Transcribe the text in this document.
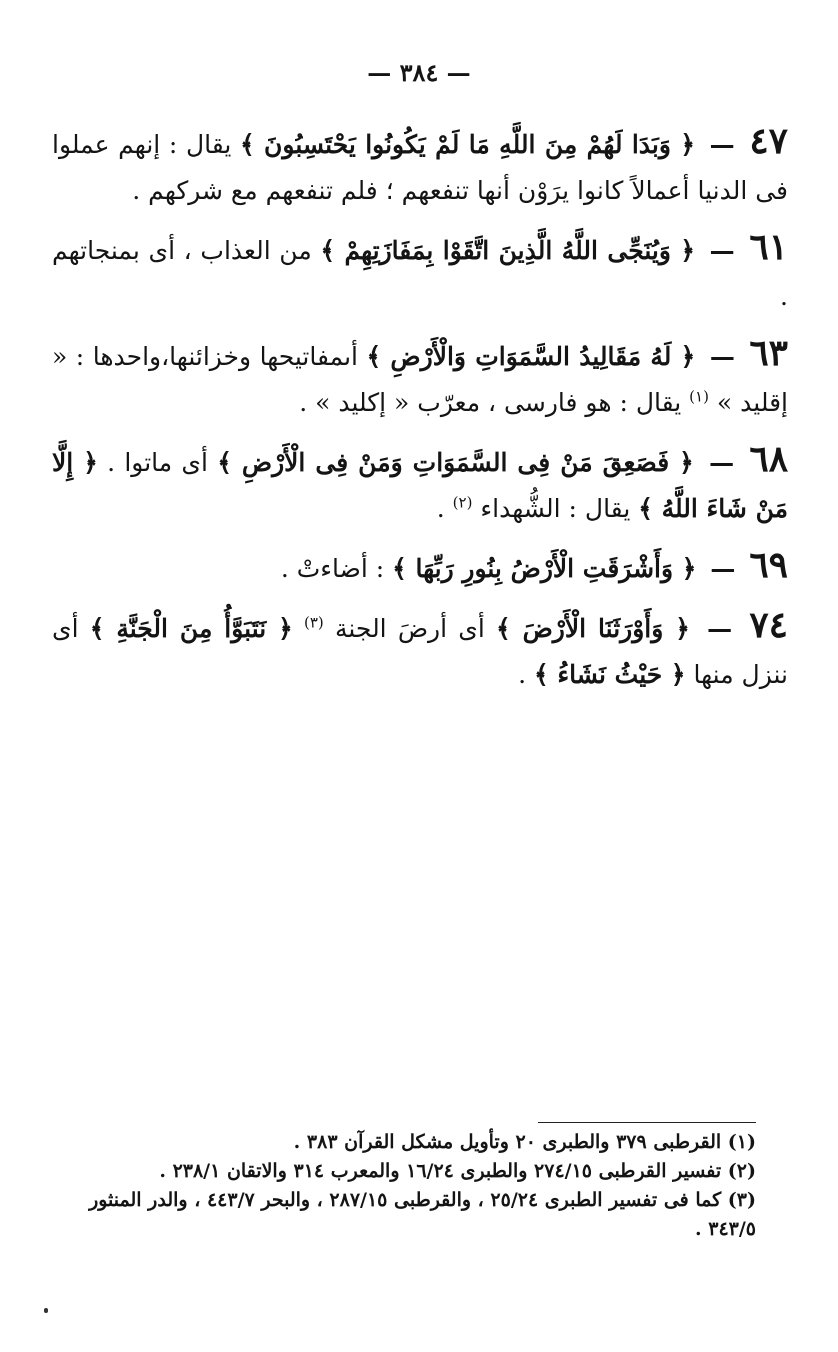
— ٣٨٤ —

٤٧ — ﴿ وَبَدَا لَهُمْ مِنَ اللَّهِ مَا لَمْ يَكُونُوا يَحْتَسِبُونَ ﴾ يقال : إنهم عملوا فى الدنيا أعمالاً كانوا يرَوْن أنها تنفعهم ؛ فلم تنفعهم مع شركهم .

٦١ — ﴿ وَيُنَجِّى اللَّهُ الَّذِينَ اتَّقَوْا بِمَفَازَتِهِمْ ﴾ من العذاب ، أى بمنجاتهم .

٦٣ — ﴿ لَهُ مَقَالِيدُ السَّمَوَاتِ وَالْأَرْضِ ﴾ أىمفاتيحها وخزائنها،واحدها : « إقليد » $^{(١)}$ يقال : هو فارسى ، معرّب « إكليد » .

٦٨ — ﴿ فَصَعِقَ مَنْ فِى السَّمَوَاتِ وَمَنْ فِى الْأَرْضِ ﴾ أى ماتوا . ﴿ إِلَّا مَنْ شَاءَ اللَّهُ ﴾ يقال : الشُّهداء $^{(٢)}$ .

٦٩ — ﴿ وَأَشْرَقَتِ الْأَرْضُ بِنُورِ رَبِّهَا ﴾ : أضاءتْ .

٧٤ — ﴿ وَأَوْرَثَنَا الْأَرْضَ ﴾ أى أرضَ الجنة $^{(٣)}$ ﴿ نَتَبَوَّأُ مِنَ الْجَنَّةِ ﴾ أى ننزل منها ﴿ حَيْثُ نَشَاءُ ﴾ .

(١) القرطبى ٣٧٩ والطبرى ٢٠ وتأويل مشكل القرآن ٣٨٣ .

(٢) تفسير القرطبى ٢٧٤/١٥ والطبرى ١٦/٢٤ والمعرب ٣١٤ والاتقان ٢٣٨/١ .

(٣) كما فى تفسير الطبرى ٢٥/٢٤ ، والقرطبى ٢٨٧/١٥ ، والبحر ٤٤٣/٧ ، والدر المنثور ٣٤٣/٥ .
